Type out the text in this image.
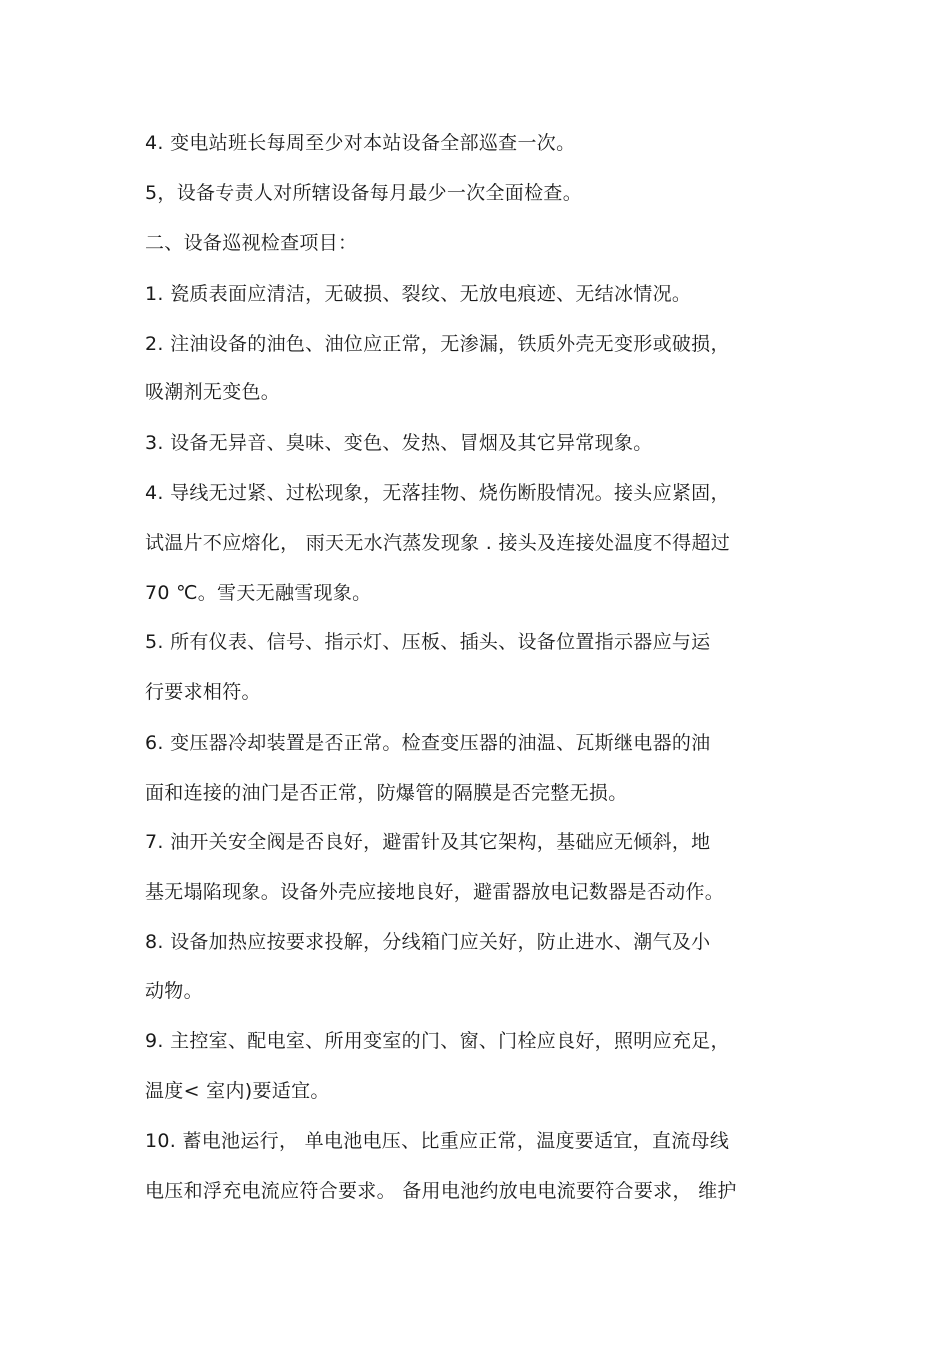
4. 变电站班长每周至少对本站设备全部巡查一次。
5，设备专责人对所辖设备每月最少一次全面检查。
二、设备巡视检查项目：
1. 瓷质表面应清洁，无破损、裂纹、无放电痕迹、无结冰情况。
2. 注油设备的油色、油位应正常，无渗漏，铁质外壳无变形或破损，
吸潮剂无变色。
3. 设备无异音、臭味、变色、发热、冒烟及其它异常现象。
4. 导线无过紧、过松现象，无落挂物、烧伤断股情况。接头应紧固，
试温片不应熔化， 雨天无水汽蒸发现象 . 接头及连接处温度不得超过
70 ℃。雪天无融雪现象。
5. 所有仪表、信号、指示灯、压板、插头、设备位置指示器应与运
行要求相符。
6. 变压器冷却装置是否正常。检查变压器的油温、瓦斯继电器的油
面和连接的油门是否正常，防爆管的隔膜是否完整无损。
7. 油开关安全阀是否良好，避雷针及其它架构，基础应无倾斜，地
基无塌陷现象。设备外壳应接地良好，避雷器放电记数器是否动作。
8. 设备加热应按要求投解，分线箱门应关好，防止进水、潮气及小
动物。
9. 主控室、配电室、所用变室的门、窗、门栓应良好，照明应充足，
温度< 室内)要适宜。
10. 蓄电池运行， 单电池电压、比重应正常，温度要适宜，直流母线
电压和浮充电流应符合要求。 备用电池约放电电流要符合要求， 维护
